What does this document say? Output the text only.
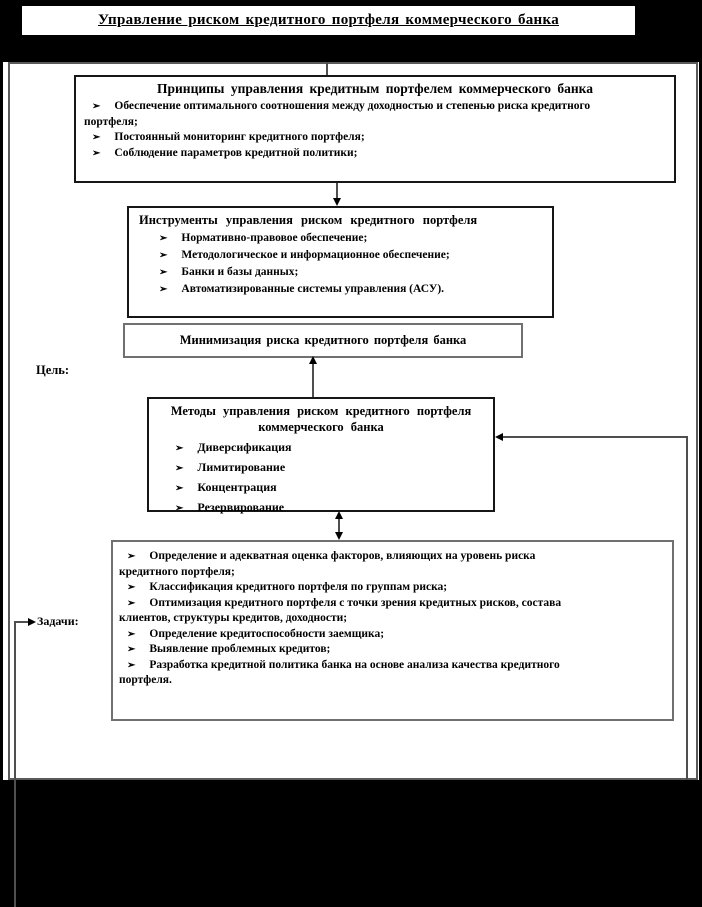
Управление риском кредитного портфеля коммерческого банка
Принципы управления кредитным портфелем коммерческого банка
➢ Обеспечение оптимального соотношения между доходностью и степенью риска кредитного портфеля;
➢ Постоянный мониторинг кредитного портфеля;
➢ Соблюдение параметров кредитной политики;
Инструменты управления риском кредитного портфеля
➢ Нормативно-правовое обеспечение;
➢ Методологическое и информационное обеспечение;
➢ Банки и базы данных;
➢ Автоматизированные системы управления (АСУ).
Минимизация риска кредитного портфеля банка
Цель:
Методы управления риском кредитного портфеля коммерческого банка
➢ Диверсификация
➢ Лимитирование
➢ Концентрация
➢ Резервирование
➢ Определение и адекватная оценка факторов, влияющих на уровень риска кредитного портфеля;
➢ Классификация кредитного портфеля по группам риска;
➢ Оптимизация кредитного портфеля с точки зрения кредитных рисков, состава клиентов, структуры кредитов, доходности;
➢ Определение кредитоспособности заемщика;
➢ Выявление проблемных кредитов;
➢ Разработка кредитной политика банка на основе анализа качества кредитного портфеля.
Задачи:
